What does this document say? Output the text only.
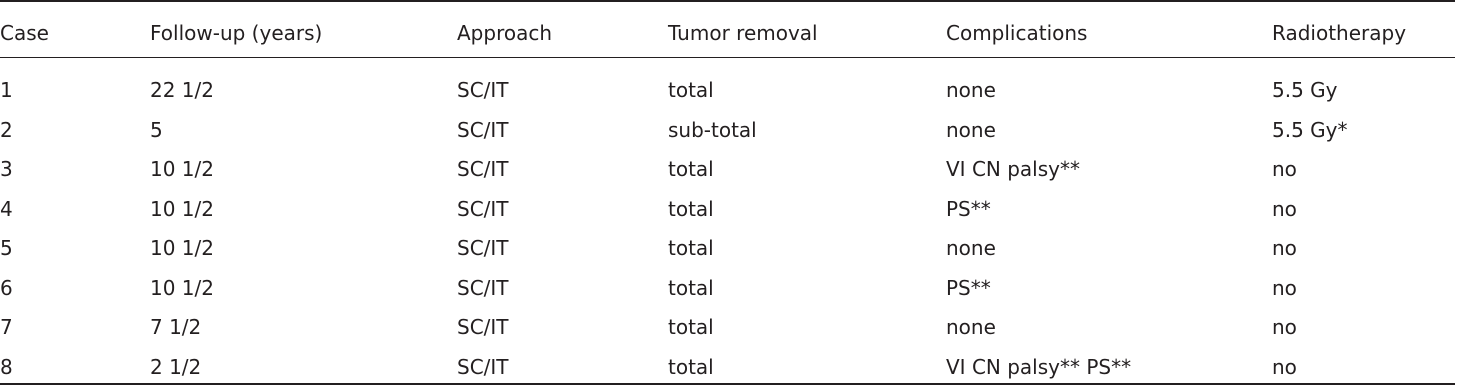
Case	Follow-up (years)	Approach	Tumor removal	Complications	Radiotherapy
1	22 1/2	SC/IT	total	none	5.5 Gy
2	5	SC/IT	sub-total	none	5.5 Gy*
3	10 1/2	SC/IT	total	VI CN palsy**	no
4	10 1/2	SC/IT	total	PS**	no
5	10 1/2	SC/IT	total	none	no
6	10 1/2	SC/IT	total	PS**	no
7	7 1/2	SC/IT	total	none	no
8	2 1/2	SC/IT	total	VI CN palsy** PS**	no
